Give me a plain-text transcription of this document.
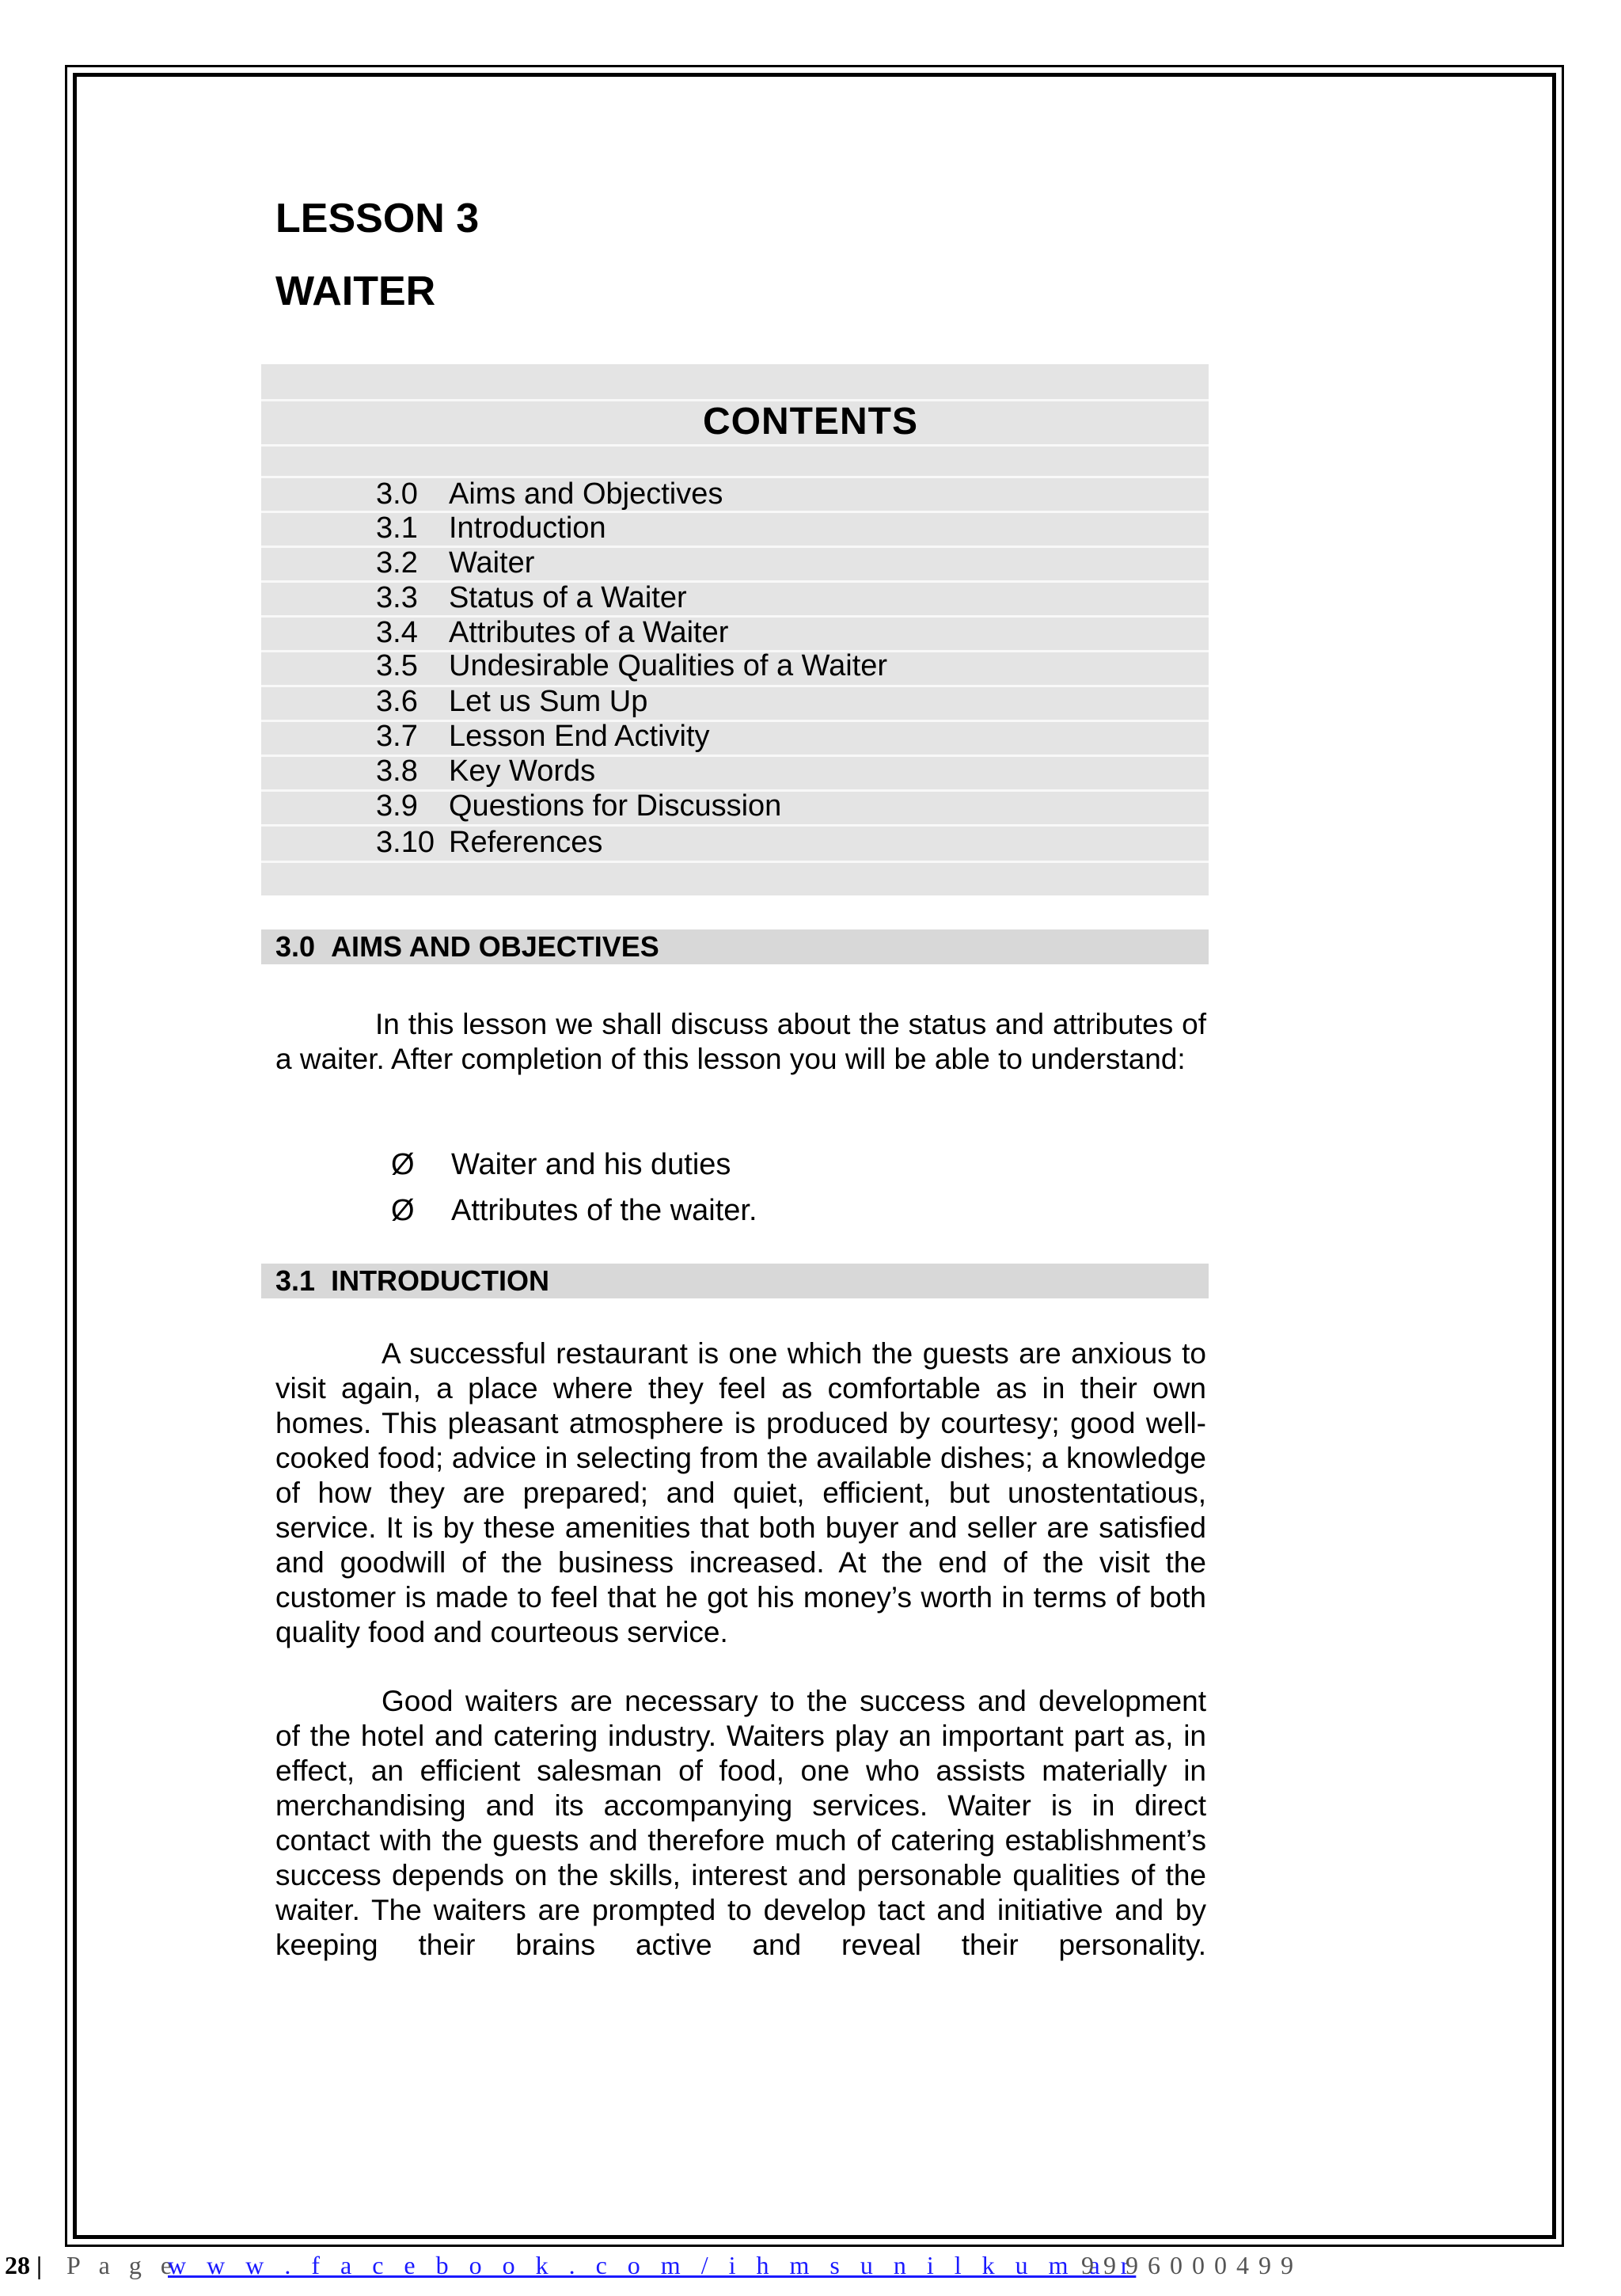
LESSON 3
WAITER
CONTENTS
3.0 Aims and Objectives
3.1 Introduction
3.2 Waiter
3.3 Status of a Waiter
3.4 Attributes of a Waiter
3.5 Undesirable Qualities of a Waiter
3.6 Let us Sum Up
3.7 Lesson End Activity
3.8 Key Words
3.9 Questions for Discussion
3.10 References
3.0 AIMS AND OBJECTIVES

In this lesson we shall discuss about the status and attributes of a waiter. After completion of this lesson you will be able to understand:

Ø Waiter and his duties
Ø Attributes of the waiter.
3.1 INTRODUCTION

A successful restaurant is one which the guests are anxious to visit again, a place where they feel as comfortable as in their own homes. This pleasant atmosphere is produced by courtesy; good well-cooked food; advice in selecting from the available dishes; a knowledge of how they are prepared; and quiet, efficient, but unostentatious, service. It is by these amenities that both buyer and seller are satisfied and goodwill of the business increased. At the end of the visit the customer is made to feel that he got his money’s worth in terms of both quality food and courteous service.

Good waiters are necessary to the success and development of the hotel and catering industry. Waiters play an important part as, in effect, an efficient salesman of food, one who assists materially in merchandising and its accompanying services. Waiter is in direct contact with the guests and therefore much of catering establishment’s success depends on the skills, interest and personable qualities of the waiter. The waiters are prompted to develop tact and initiative and by keeping their brains active and reveal their personality.

28 | P a g e
w w w . f a c e b o o k . c o m / i h m s u n i l k u m a r
9996000499
